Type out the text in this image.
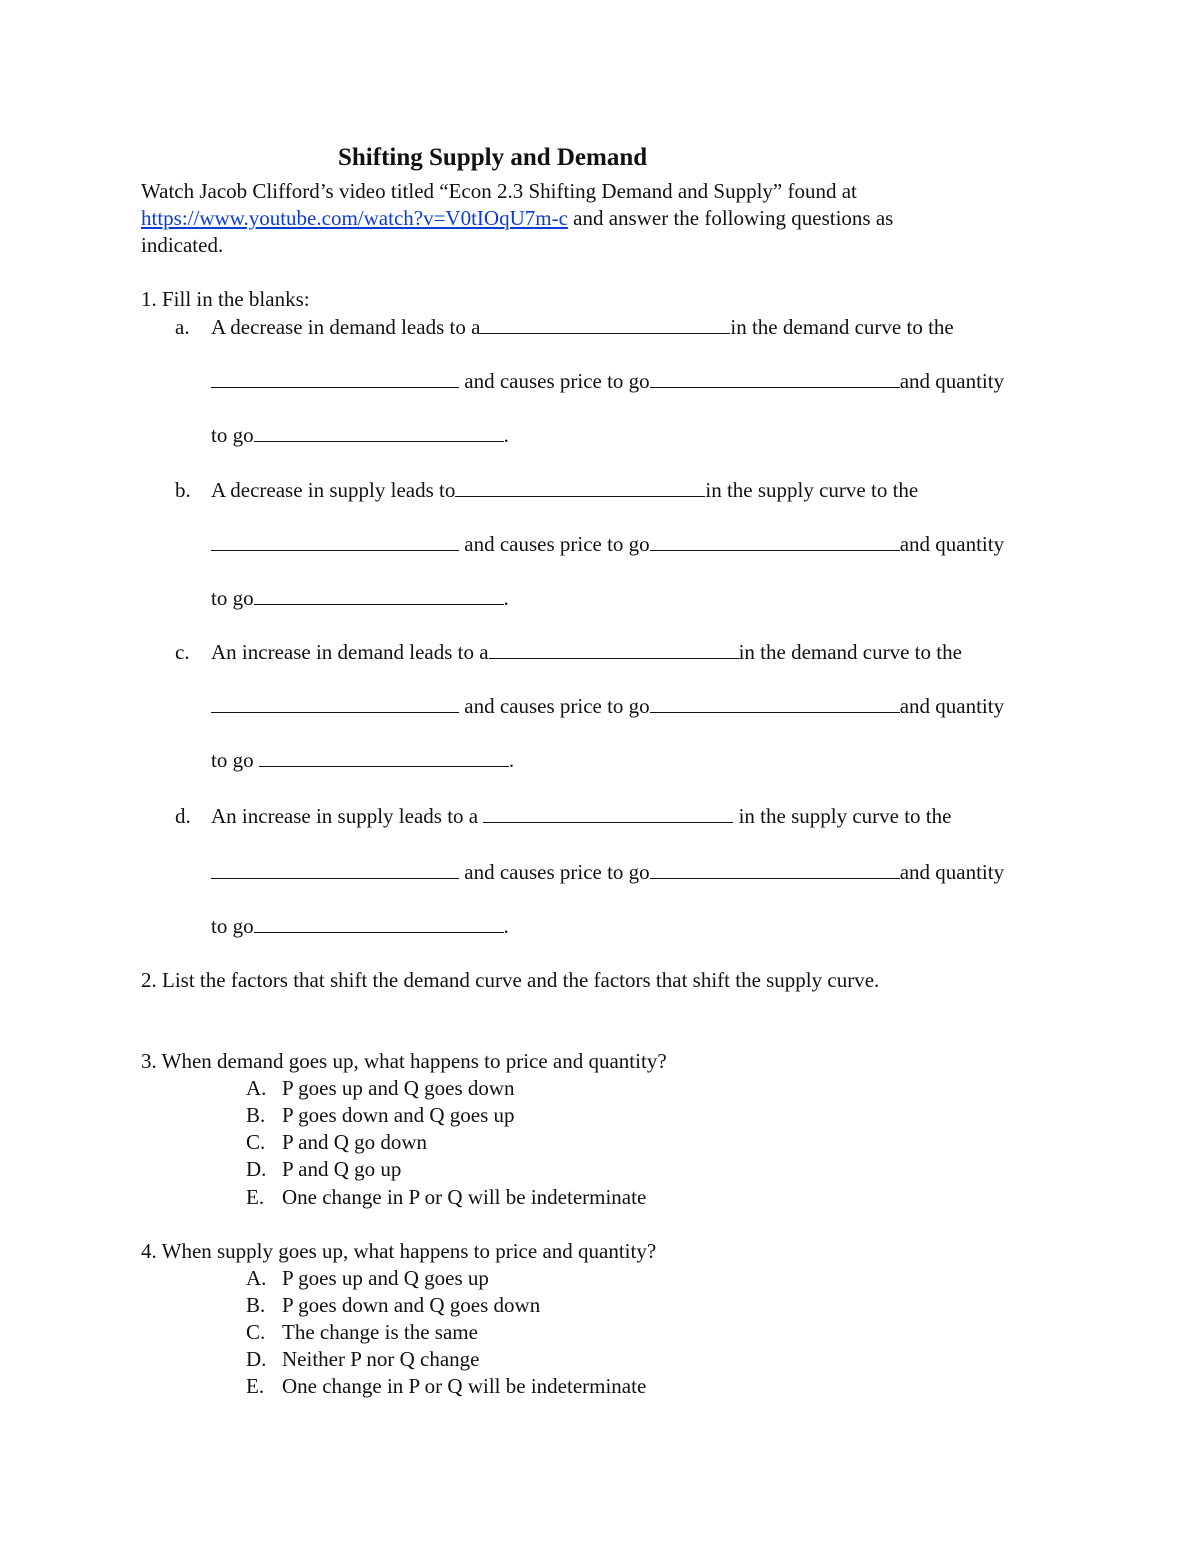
Shifting Supply and Demand
Watch Jacob Clifford’s video titled “Econ 2.3 Shifting Demand and Supply” found at
https://www.youtube.com/watch?v=V0tIOqU7m-c and answer the following questions as
indicated.
1. Fill in the blanks:
a. A decrease in demand leads to a	in the demand curve to the
and causes price to go	and quantity
to go	.
b. A decrease in supply leads to	in the supply curve to the
and causes price to go	and quantity
to go	.
c. An increase in demand leads to a	in the demand curve to the
and causes price to go	and quantity
to go	.
d. An increase in supply leads to a	in the supply curve to the
and causes price to go	and quantity
to go	.
2. List the factors that shift the demand curve and the factors that shift the supply curve.
3. When demand goes up, what happens to price and quantity?
A. P goes up and Q goes down
B. P goes down and Q goes up
C. P and Q go down
D. P and Q go up
E. One change in P or Q will be indeterminate
4. When supply goes up, what happens to price and quantity?
A. P goes up and Q goes up
B. P goes down and Q goes down
C. The change is the same
D. Neither P nor Q change
E. One change in P or Q will be indeterminate
